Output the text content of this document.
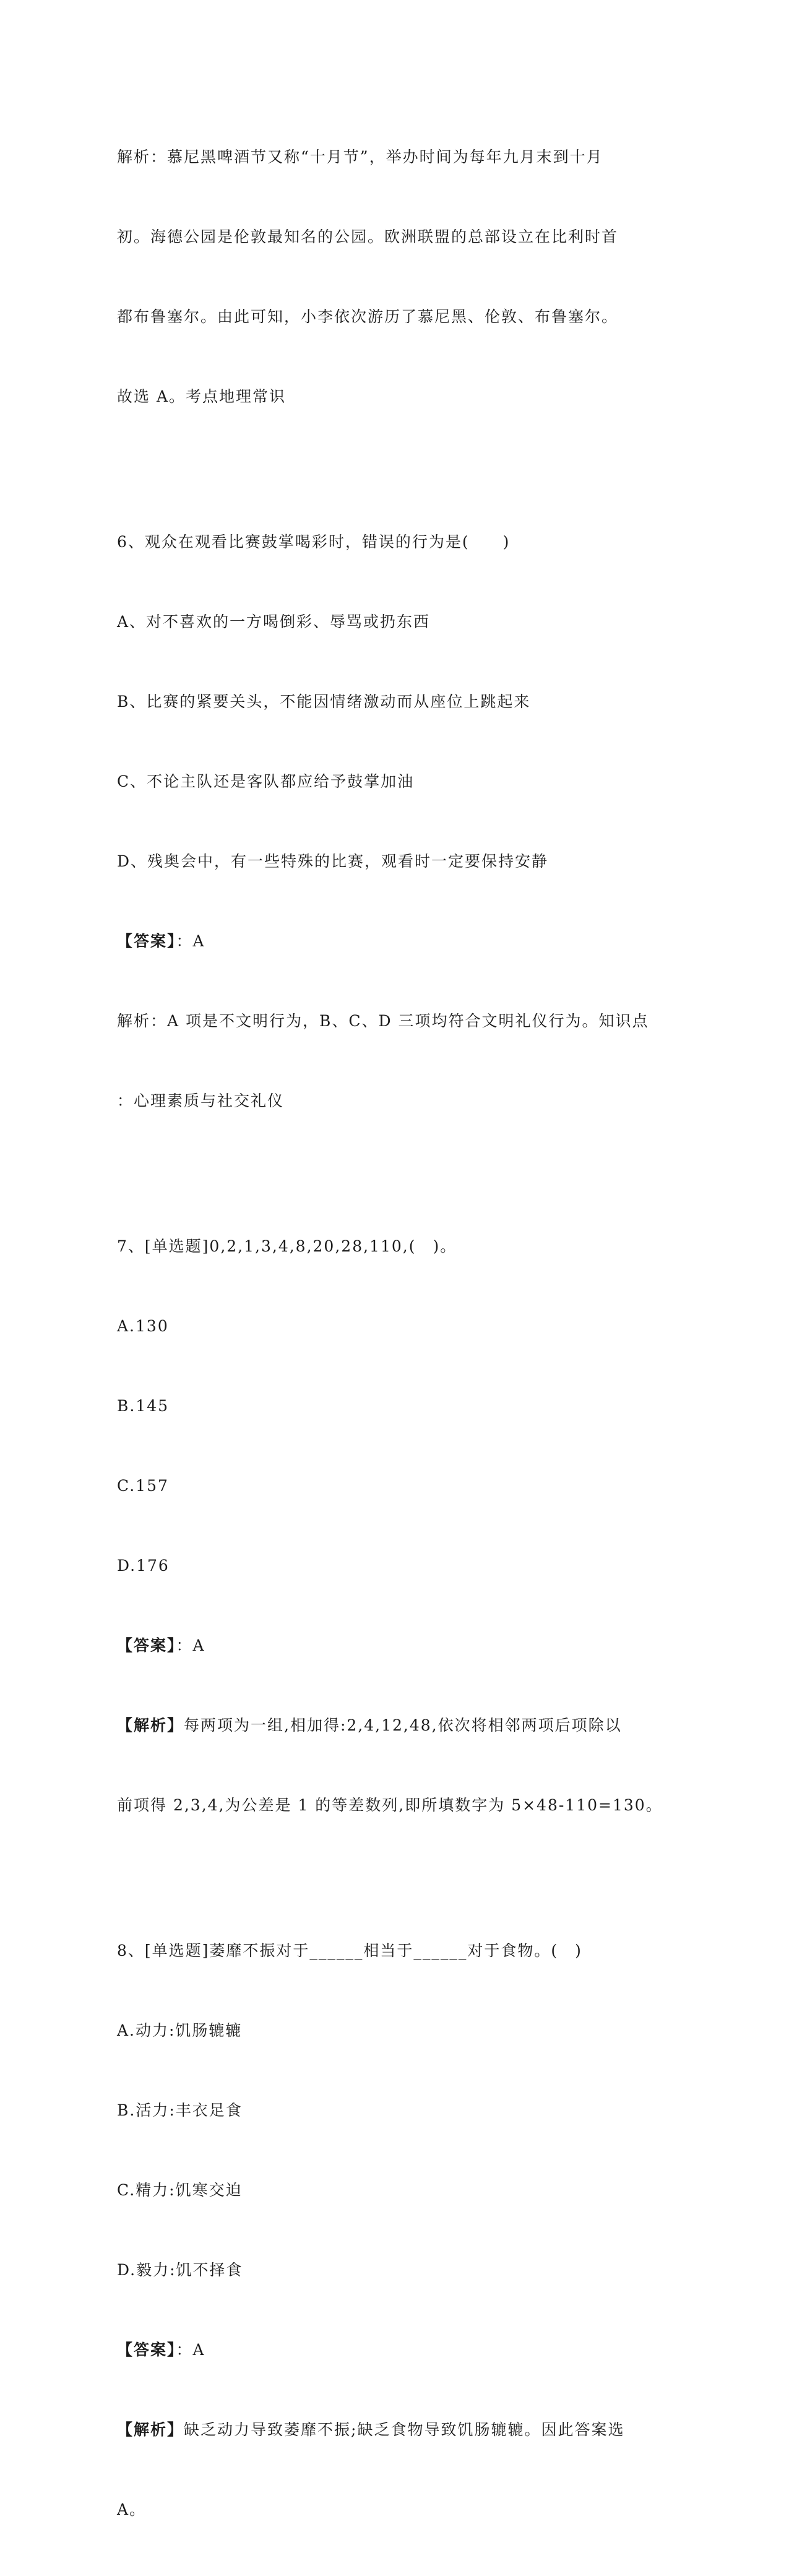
解析：慕尼黑啤酒节又称“十月节”，举办时间为每年九月末到十月

初。海德公园是伦敦最知名的公园。欧洲联盟的总部设立在比利时首

都布鲁塞尔。由此可知，小李依次游历了慕尼黑、伦敦、布鲁塞尔。

故选 A。考点地理常识

6、观众在观看比赛鼓掌喝彩时，错误的行为是(　　)

A、对不喜欢的一方喝倒彩、辱骂或扔东西

B、比赛的紧要关头，不能因情绪激动而从座位上跳起来

C、不论主队还是客队都应给予鼓掌加油

D、残奥会中，有一些特殊的比赛，观看时一定要保持安静

【答案】：A

解析：A 项是不文明行为，B、C、D 三项均符合文明礼仪行为。知识点

：心理素质与社交礼仪

7、[单选题]0,2,1,3,4,8,20,28,110,(　)。

A.130

B.145

C.157

D.176

【答案】：A

【解析】每两项为一组,相加得:2,4,12,48,依次将相邻两项后项除以

前项得 2,3,4,为公差是 1 的等差数列,即所填数字为 5×48-110=130。

8、[单选题]萎靡不振对于______相当于______对于食物。(　)

A.动力:饥肠辘辘

B.活力:丰衣足食

C.精力:饥寒交迫

D.毅力:饥不择食

【答案】：A

【解析】缺乏动力导致萎靡不振;缺乏食物导致饥肠辘辘。因此答案选

A。
